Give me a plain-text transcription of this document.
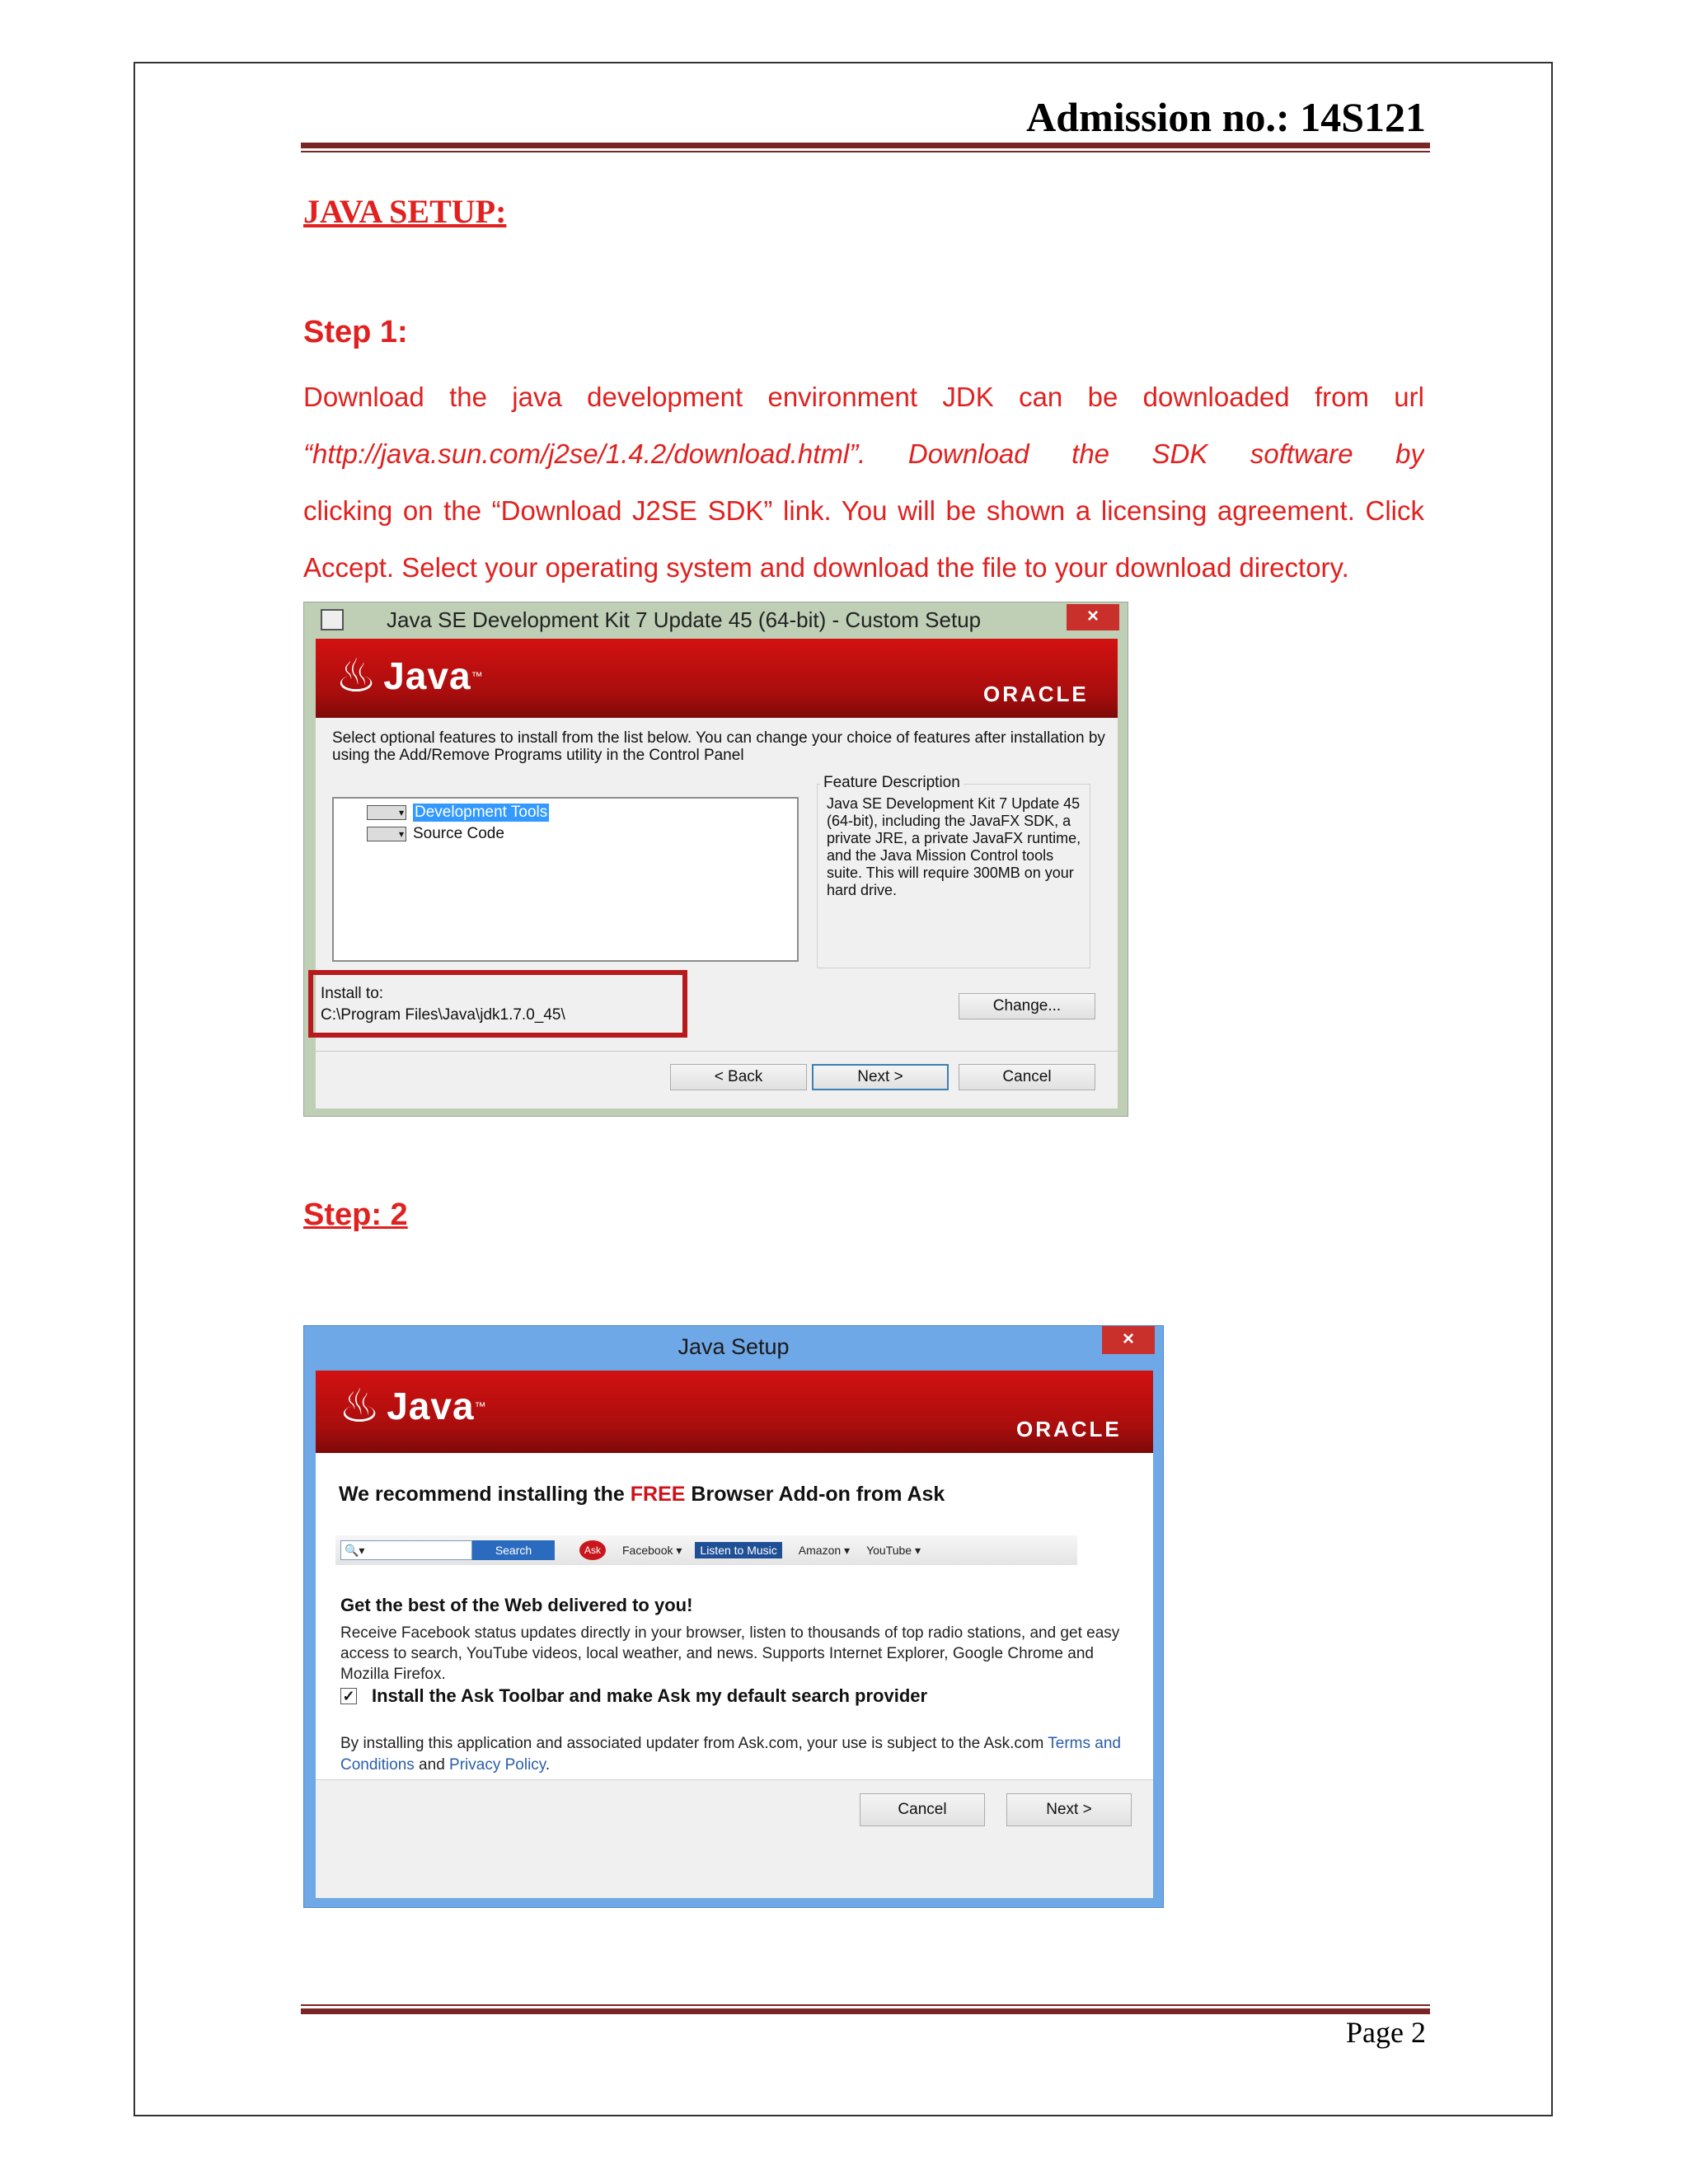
Admission no.: 14S121
JAVA SETUP:
Step 1:
Download the java development environment JDK can be downloaded from url
“http://java.sun.com/j2se/1.4.2/download.html”. Download the SDK software by
clicking on the “Download J2SE SDK” link. You will be shown a licensing agreement. Click
Accept. Select your operating system and download the file to your download directory.
Java SE Development Kit 7 Update 45 (64-bit) - Custom Setup	×
♨ Java ™
ORACLE
Select optional features to install from the list below. You can change your choice of features after installation by using the Add/Remove Programs utility in the Control Panel
▾ Development Tools
▾ Source Code
Feature Description
Java SE Development Kit 7 Update 45 (64-bit), including the JavaFX SDK, a private JRE, a private JavaFX runtime, and the Java Mission Control tools suite. This will require 300MB on your hard drive.
Install to:
C:\Program Files\Java\jdk1.7.0_45\
Change...
< Back	Next >	Cancel
Step: 2
Java Setup	×
♨ Java ™
ORACLE
We recommend installing the FREE Browser Add-on from Ask
🔍▾	Search	Ask	Facebook ▾	Listen to Music	Amazon ▾ YouTube ▾
Get the best of the Web delivered to you!
Receive Facebook status updates directly in your browser, listen to thousands of top radio stations, and get easy access to search, YouTube videos, local weather, and news. Supports Internet Explorer, Google Chrome and Mozilla Firefox.
✓ Install the Ask Toolbar and make Ask my default search provider
By installing this application and associated updater from Ask.com, your use is subject to the Ask.com Terms and Conditions and Privacy Policy.
Cancel	Next >
Page 2
